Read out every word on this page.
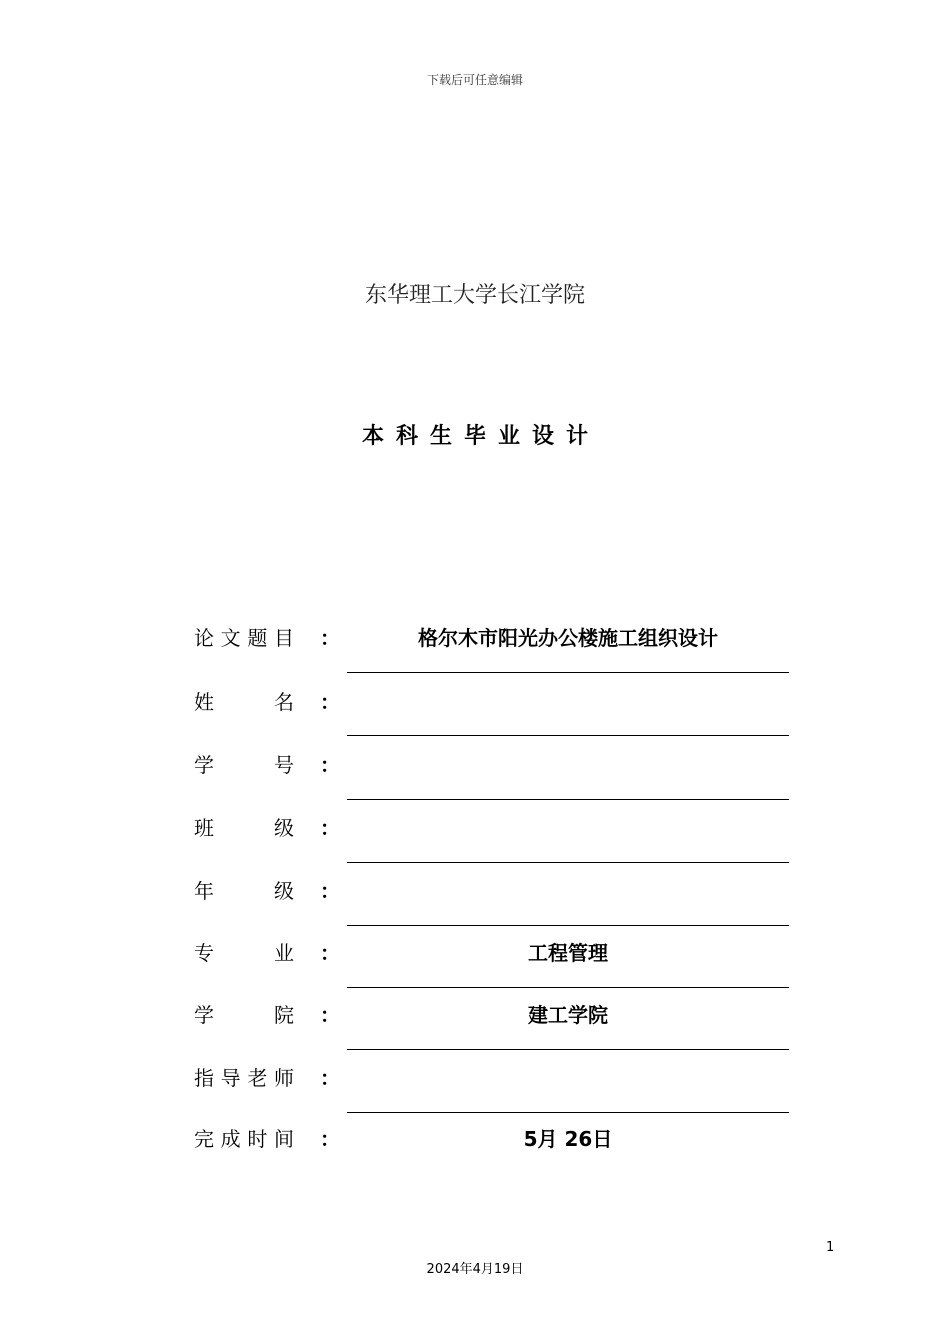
下载后可任意编辑
东华理工大学长江学院
本科生毕业设计
论 文 题 目 ：	格尔木市阳光办公楼施工组织设计
姓	名 ：
学	号 ：
班	级 ：
年	级 ：
专	业 ：	工程管理
学	院 ：	建工学院
指 导 老 师 ：
完 成 时 间 ：	5月 26日
1
2024年4月19日
